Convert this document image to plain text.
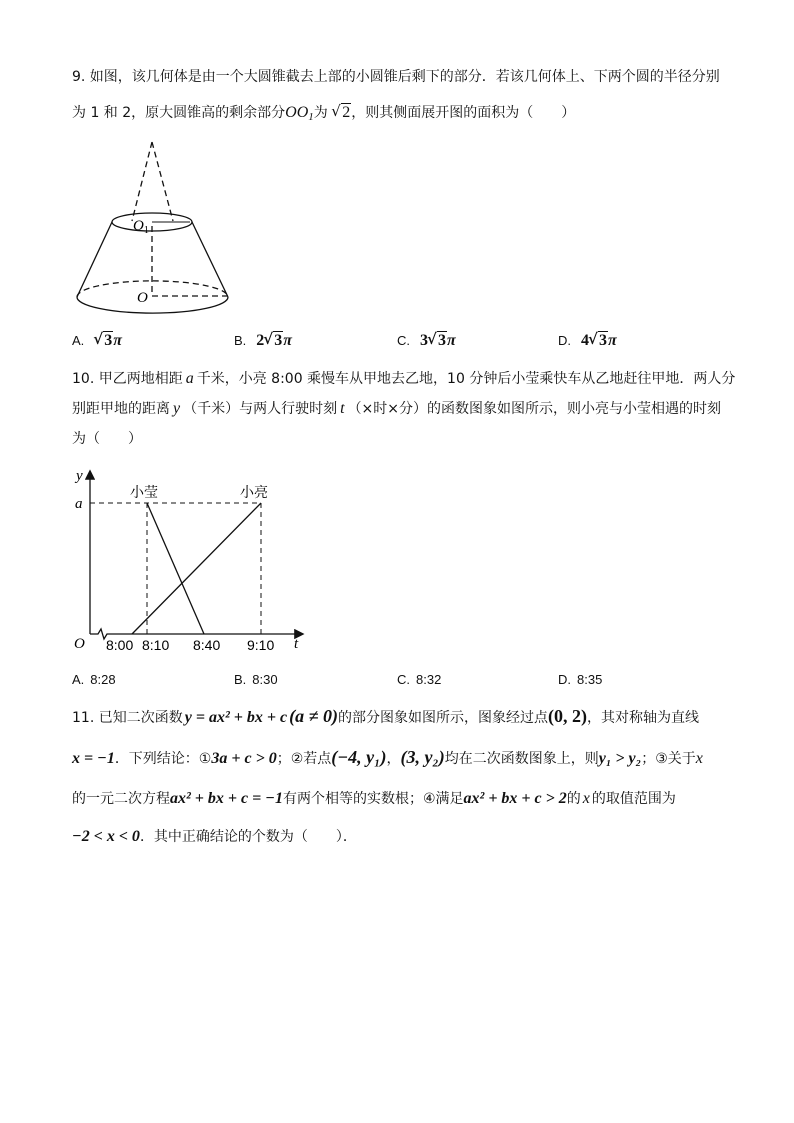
9. 如图，该几何体是由一个大圆锥截去上部的小圆锥后剩下的部分．若该几何体上、下两个圆的半径分别
为 1 和 2，原大圆锥高的剩余部分$OO_1$为 √ 2，则其侧面展开图的面积为（　　）
$O_1$
O
A. √ 3π	B. 2 √ 3π	C. 3 √ 3π	D. 4 √ 3π
10. 甲乙两地相距 a 千米，小亮 8:00 乘慢车从甲地去乙地，10 分钟后小莹乘快车从乙地赶往甲地．两人分
别距甲地的距离 y （千米）与两人行驶时刻 t （×时×分）的函数图象如图所示，则小亮与小莹相遇的时刻
为（　　）
y
a
O	t
小莹	小亮
8:00 8:10 8:40 9:10
A. 8:28	B. 8:30	C. 8:32	D. 8:35
11. 已知二次函数 y = ax² + bx + c (a ≠ 0)的部分图象如图所示，图象经过点(0, 2)，其对称轴为直线
x = −1．下列结论：①3a + c > 0；②若点(−4, y₁)，(3, y₂)均在二次函数图象上，则y₁ > y₂；③关于x
的一元二次方程ax² + bx + c = −1有两个相等的实数根；④满足ax² + bx + c > 2的 x 的取值范围为
−2 < x < 0．其中正确结论的个数为（　　）．
